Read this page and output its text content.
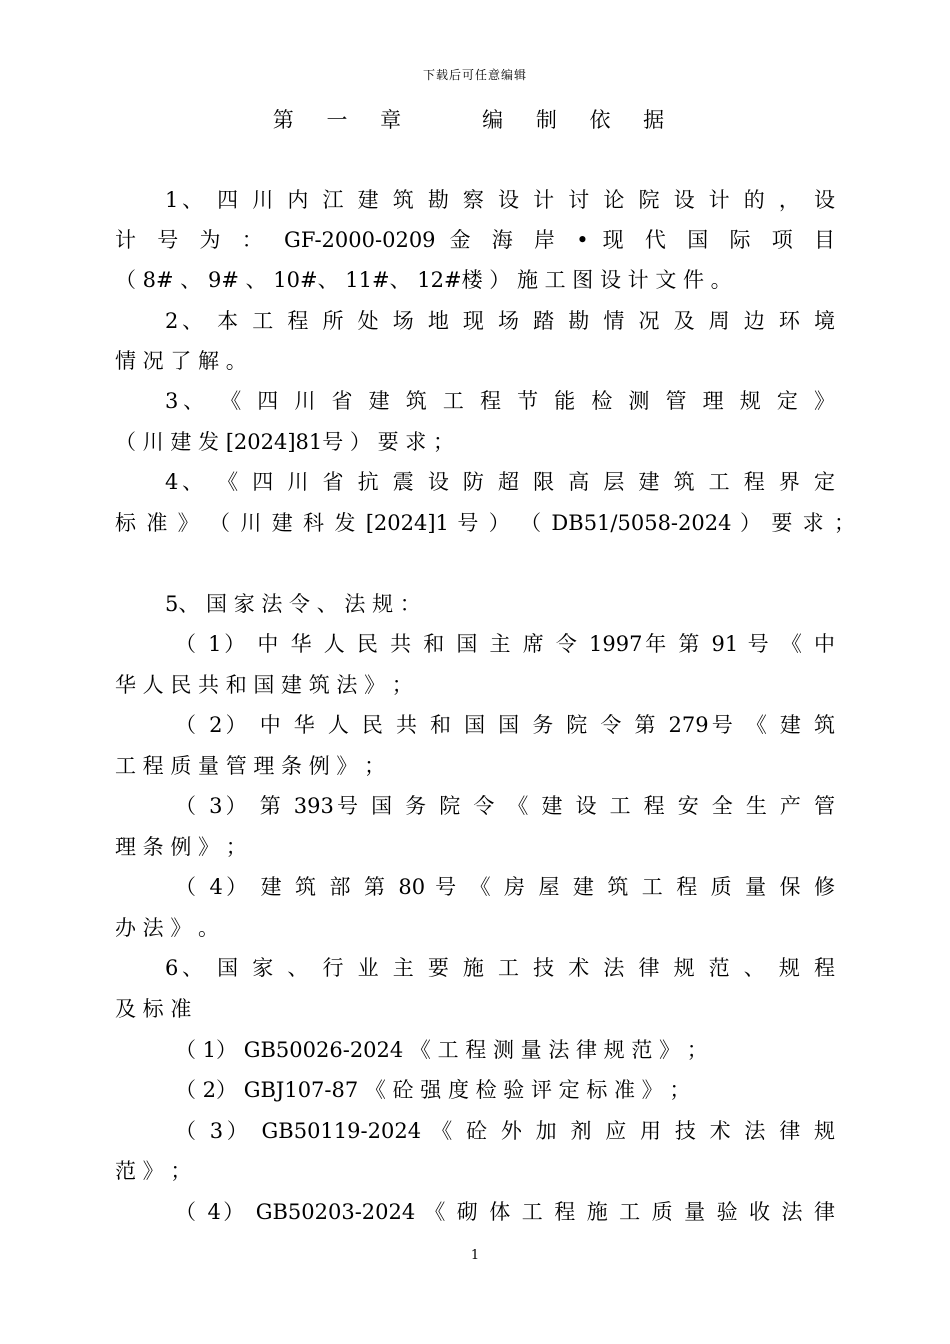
下载后可任意编辑
第 一 章　　编 制 依 据
1、 四 川 内 江 建 筑 勘 察 设 计 讨 论 院 设 计 的 ， 设
计 号 为 ： GF-2000-0209 金 海 岸 • 现 代 国 际 项 目
（ 8# 、 9# 、 10#、 11#、 12#楼 ） 施 工 图 设 计 文 件 。
2、 本 工 程 所 处 场 地 现 场 踏 勘 情 况 及 周 边 环 境
情 况 了 解 。
3、 《 四 川 省 建 筑 工 程 节 能 检 测 管 理 规 定 》
（ 川 建 发 [2024]81号 ） 要 求 ；
4、 《 四 川 省 抗 震 设 防 超 限 高 层 建 筑 工 程 界 定
标 准 》 （ 川 建 科 发 [2024]1 号 ） （ DB51/5058-2024 ） 要 求 ；
5、 国 家 法 令 、 法 规 ：
（ 1） 中 华 人 民 共 和 国 主 席 令 1997年 第 91 号 《 中
华 人 民 共 和 国 建 筑 法 》 ；
（ 2） 中 华 人 民 共 和 国 国 务 院 令 第 279号 《 建 筑
工 程 质 量 管 理 条 例 》 ；
（ 3） 第 393号 国 务 院 令 《 建 设 工 程 安 全 生 产 管
理 条 例 》 ；
（ 4） 建 筑 部 第 80 号 《 房 屋 建 筑 工 程 质 量 保 修
办 法 》 。
6、 国 家 、 行 业 主 要 施 工 技 术 法 律 规 范 、 规 程
及 标 准
（ 1） GB50026-2024 《 工 程 测 量 法 律 规 范 》 ；
（ 2） GBJ107-87 《 砼 强 度 检 验 评 定 标 准 》 ；
（ 3） GB50119-2024 《 砼 外 加 剂 应 用 技 术 法 律 规
范 》 ；
（ 4） GB50203-2024 《 砌 体 工 程 施 工 质 量 验 收 法 律
1
